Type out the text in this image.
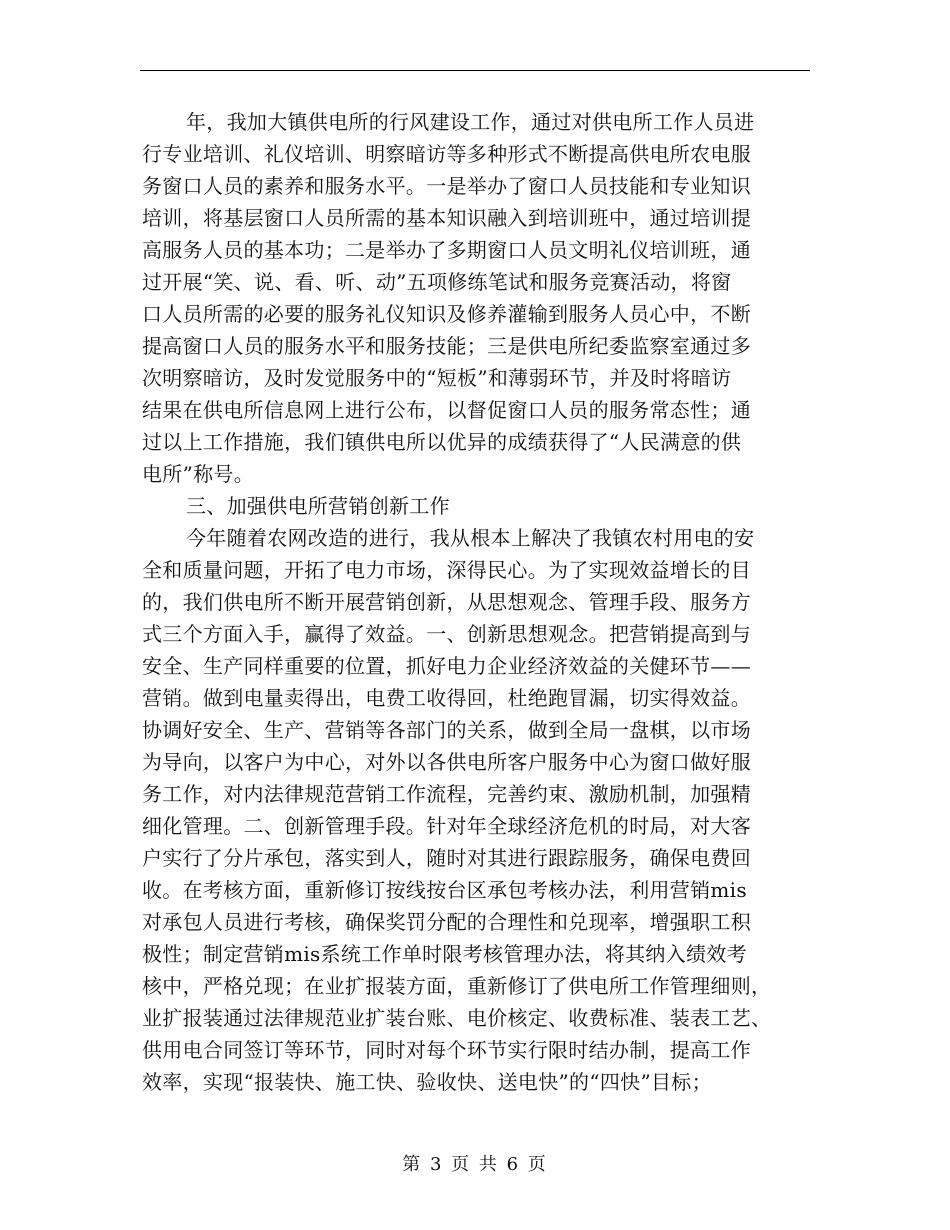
年，我加大镇供电所的行风建设工作，通过对供电所工作人员进
行专业培训、礼仪培训、明察暗访等多种形式不断提高供电所农电服
务窗口人员的素养和服务水平。一是举办了窗口人员技能和专业知识
培训，将基层窗口人员所需的基本知识融入到培训班中，通过培训提
高服务人员的基本功；二是举办了多期窗口人员文明礼仪培训班，通
过开展“笑、说、看、听、动”五项修练笔试和服务竞赛活动，将窗
口人员所需的必要的服务礼仪知识及修养灌输到服务人员心中，不断
提高窗口人员的服务水平和服务技能；三是供电所纪委监察室通过多
次明察暗访，及时发觉服务中的“短板”和薄弱环节，并及时将暗访
结果在供电所信息网上进行公布，以督促窗口人员的服务常态性；通
过以上工作措施，我们镇供电所以优异的成绩获得了“人民满意的供
电所”称号。
三、加强供电所营销创新工作
今年随着农网改造的进行，我从根本上解决了我镇农村用电的安
全和质量问题，开拓了电力市场，深得民心。为了实现效益增长的目
的，我们供电所不断开展营销创新，从思想观念、管理手段、服务方
式三个方面入手，赢得了效益。一、创新思想观念。把营销提高到与
安全、生产同样重要的位置，抓好电力企业经济效益的关健环节——
营销。做到电量卖得出，电费工收得回，杜绝跑冒漏，切实得效益。
协调好安全、生产、营销等各部门的关系，做到全局一盘棋，以市场
为导向，以客户为中心，对外以各供电所客户服务中心为窗口做好服
务工作，对内法律规范营销工作流程，完善约束、激励机制，加强精
细化管理。二、创新管理手段。针对年全球经济危机的时局，对大客
户实行了分片承包，落实到人，随时对其进行跟踪服务，确保电费回
收。在考核方面，重新修订按线按台区承包考核办法，利用营销mis
对承包人员进行考核，确保奖罚分配的合理性和兑现率，增强职工积
极性；制定营销mis系统工作单时限考核管理办法，将其纳入绩效考
核中，严格兑现；在业扩报装方面，重新修订了供电所工作管理细则，
业扩报装通过法律规范业扩装台账、电价核定、收费标准、装表工艺、
供用电合同签订等环节，同时对每个环节实行限时结办制，提高工作
效率，实现“报装快、施工快、验收快、送电快”的“四快”目标；
第 3 页 共 6 页
